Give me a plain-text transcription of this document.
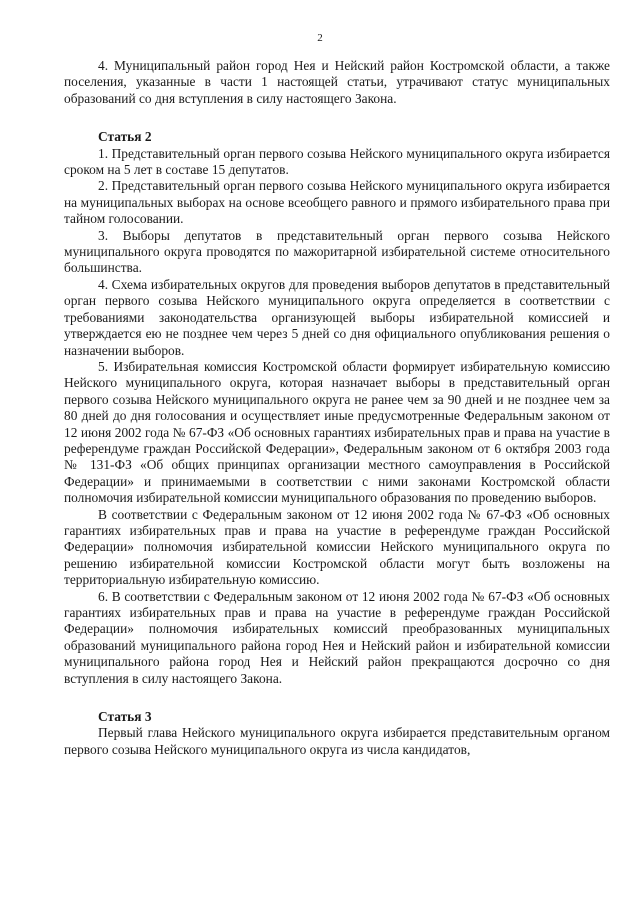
2

4. Муниципальный район город Нея и Нейский район Костромской области, а также поселения, указанные в части 1 настоящей статьи, утрачивают статус муниципальных образований со дня вступления в силу настоящего Закона.

Статья 2

1. Представительный орган первого созыва Нейского муниципального округа избирается сроком на 5 лет в составе 15 депутатов.

2. Представительный орган первого созыва Нейского муниципального округа избирается на муниципальных выборах на основе всеобщего равного и прямого избирательного права при тайном голосовании.

3. Выборы депутатов в представительный орган первого созыва Нейского муниципального округа проводятся по мажоритарной избирательной системе относительного большинства.

4. Схема избирательных округов для проведения выборов депутатов в представительный орган первого созыва Нейского муниципального округа определяется в соответствии с требованиями законодательства организующей выборы избирательной комиссией и утверждается ею не позднее чем через 5 дней со дня официального опубликования решения о назначении выборов.

5. Избирательная комиссия Костромской области формирует избирательную комиссию Нейского муниципального округа, которая назначает выборы в представительный орган первого созыва Нейского муниципального округа не ранее чем за 90 дней и не позднее чем за 80 дней до дня голосования и осуществляет иные предусмотренные Федеральным законом от 12 июня 2002 года № 67-ФЗ «Об основных гарантиях избирательных прав и права на участие в референдуме граждан Российской Федерации», Федеральным законом от 6 октября 2003 года № 131-ФЗ «Об общих принципах организации местного самоуправления в Российской Федерации» и принимаемыми в соответствии с ними законами Костромской области полномочия избирательной комиссии муниципального образования по проведению выборов.

В соответствии с Федеральным законом от 12 июня 2002 года № 67-ФЗ «Об основных гарантиях избирательных прав и права на участие в референдуме граждан Российской Федерации» полномочия избирательной комиссии Нейского муниципального округа по решению избирательной комиссии Костромской области могут быть возложены на территориальную избирательную комиссию.

6. В соответствии с Федеральным законом от 12 июня 2002 года № 67-ФЗ «Об основных гарантиях избирательных прав и права на участие в референдуме граждан Российской Федерации» полномочия избирательных комиссий преобразованных муниципальных образований муниципального района город Нея и Нейский район и избирательной комиссии муниципального района город Нея и Нейский район прекращаются досрочно со дня вступления в силу настоящего Закона.

Статья 3

Первый глава Нейского муниципального округа избирается представительным органом первого созыва Нейского муниципального округа из числа кандидатов,
